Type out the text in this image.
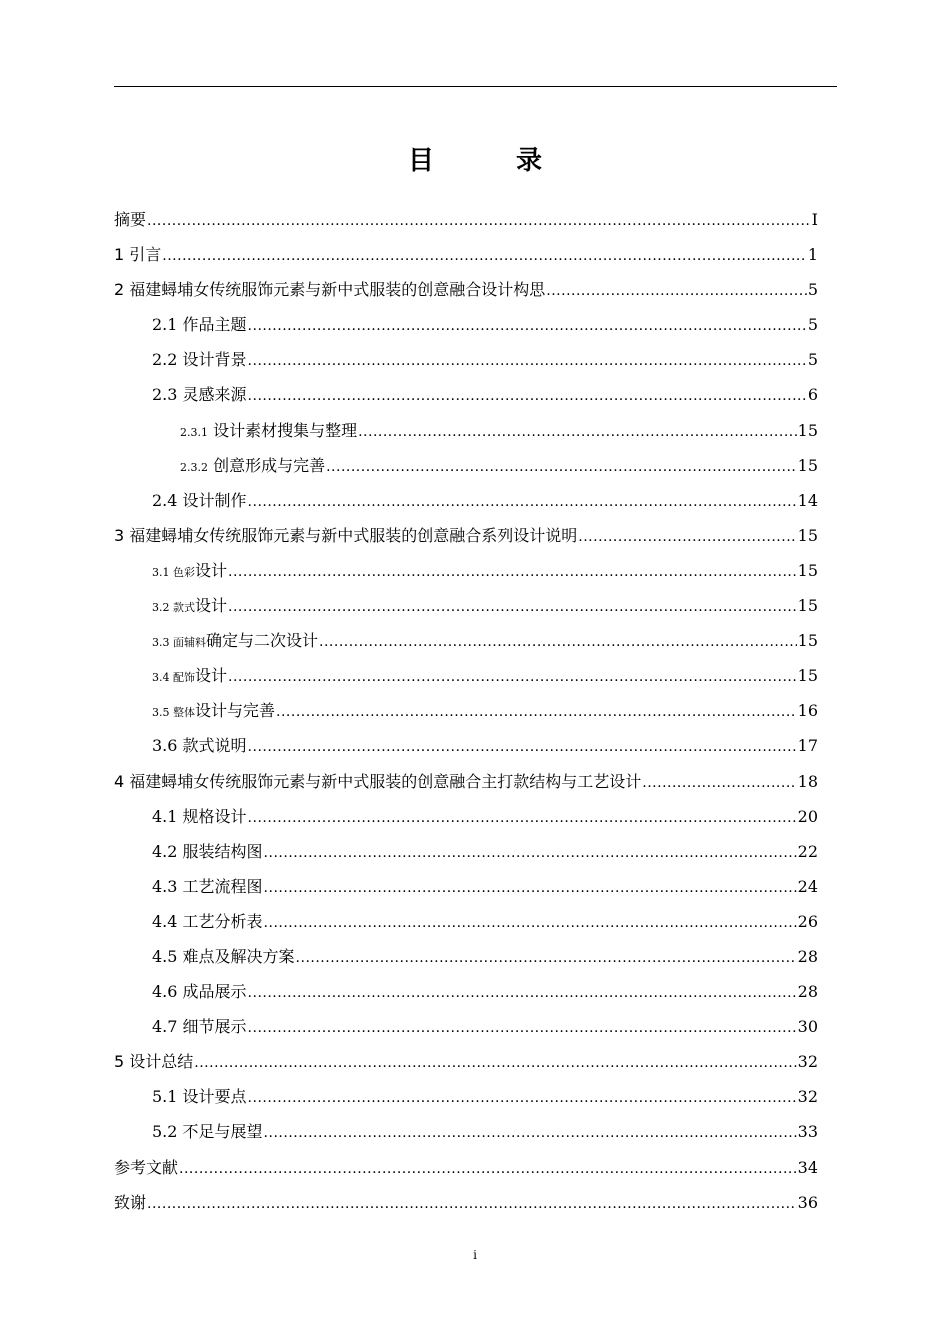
目　录
摘要 .....	I
1 引言 .....	1
2 福建蟳埔女传统服饰元素与新中式服装的创意融合设计构思 .....	5
2.1 作品主题 .....	5
2.2 设计背景 .....	5
2.3 灵感来源 .....	6
2.3.1 设计素材搜集与整理 .....	15
2.3.2 创意形成与完善 .....	15
2.4 设计制作 .....	14
3 福建蟳埔女传统服饰元素与新中式服装的创意融合系列设计说明 .....	15
3.1 色彩设计 .....	15
3.2 款式设计 .....	15
3.3 面辅料确定与二次设计 .....	15
3.4 配饰设计 .....	15
3.5 整体设计与完善 .....	16
3.6 款式说明 .....	17
4 福建蟳埔女传统服饰元素与新中式服装的创意融合主打款结构与工艺设计 .....	18
4.1 规格设计 .....	20
4.2 服装结构图 .....	22
4.3 工艺流程图 .....	24
4.4 工艺分析表 .....	26
4.5 难点及解决方案 .....	28
4.6 成品展示 .....	28
4.7 细节展示 .....	30
5 设计总结 .....	32
5.1 设计要点 .....	32
5.2 不足与展望 .....	33
参考文献 .....	34
致谢 .....	36
i
